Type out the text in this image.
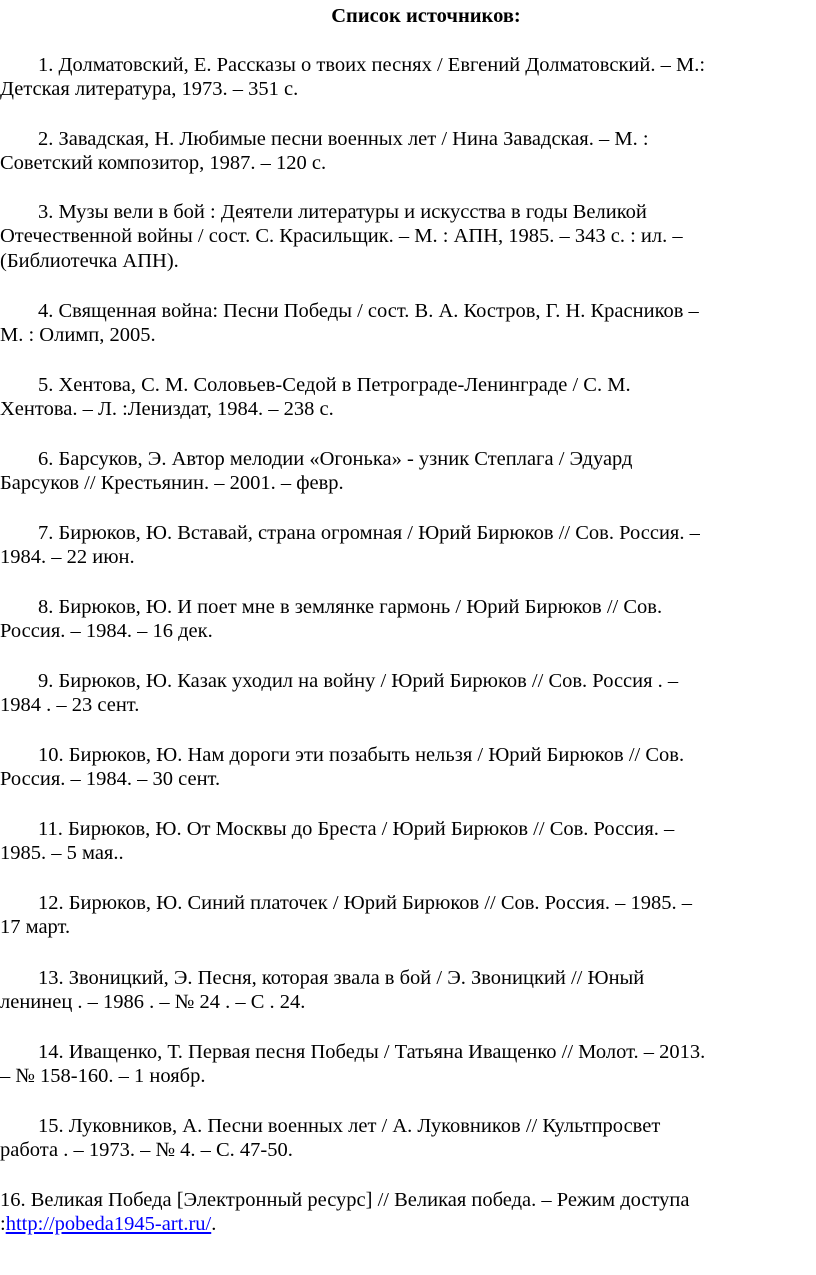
Список источников:

1. Долматовский, Е. Рассказы о твоих песнях / Евгений Долматовский. – М.:
Детская литература, 1973. – 351 с.

2. Завадская, Н. Любимые песни военных лет / Нина Завадская. – М. :
Советский композитор, 1987. – 120 с.

3. Музы вели в бой : Деятели литературы и искусства в годы Великой
Отечественной войны / сост. С. Красильщик. – М. : АПН, 1985. – 343 с. : ил. –
(Библиотечка АПН).

4. Священная война: Песни Победы / сост. В. А. Костров, Г. Н. Красников –
М. : Олимп, 2005.

5. Хентова, С. М. Соловьев-Седой в Петрограде-Ленинграде / С. М.
Хентова. – Л. :Лениздат, 1984. – 238 с.

6. Барсуков, Э. Автор мелодии «Огонька» - узник Степлага / Эдуард
Барсуков // Крестьянин. – 2001. – февр.

7. Бирюков, Ю. Вставай, страна огромная / Юрий Бирюков // Сов. Россия. –
1984. – 22 июн.

8. Бирюков, Ю. И поет мне в землянке гармонь / Юрий Бирюков // Сов.
Россия. – 1984. – 16 дек.

9. Бирюков, Ю. Казак уходил на войну / Юрий Бирюков // Сов. Россия . –
1984 . – 23 сент.

10. Бирюков, Ю. Нам дороги эти позабыть нельзя / Юрий Бирюков // Сов.
Россия. – 1984. – 30 сент.

11. Бирюков, Ю. От Москвы до Бреста / Юрий Бирюков // Сов. Россия. –
1985. – 5 мая..

12. Бирюков, Ю. Синий платочек / Юрий Бирюков // Сов. Россия. – 1985. –
17 март.

13. Звоницкий, Э. Песня, которая звала в бой / Э. Звоницкий // Юный
ленинец . – 1986 . – № 24 . – С . 24.

14. Иващенко, Т. Первая песня Победы / Татьяна Иващенко // Молот. – 2013.
– № 158-160. – 1 ноябр.

15. Луковников, А. Песни военных лет / А. Луковников // Культпросвет
работа . – 1973. – № 4. – С. 47-50.

16. Великая Победа [Электронный ресурс] // Великая победа. – Режим доступа
:http://pobeda1945-art.ru/.
